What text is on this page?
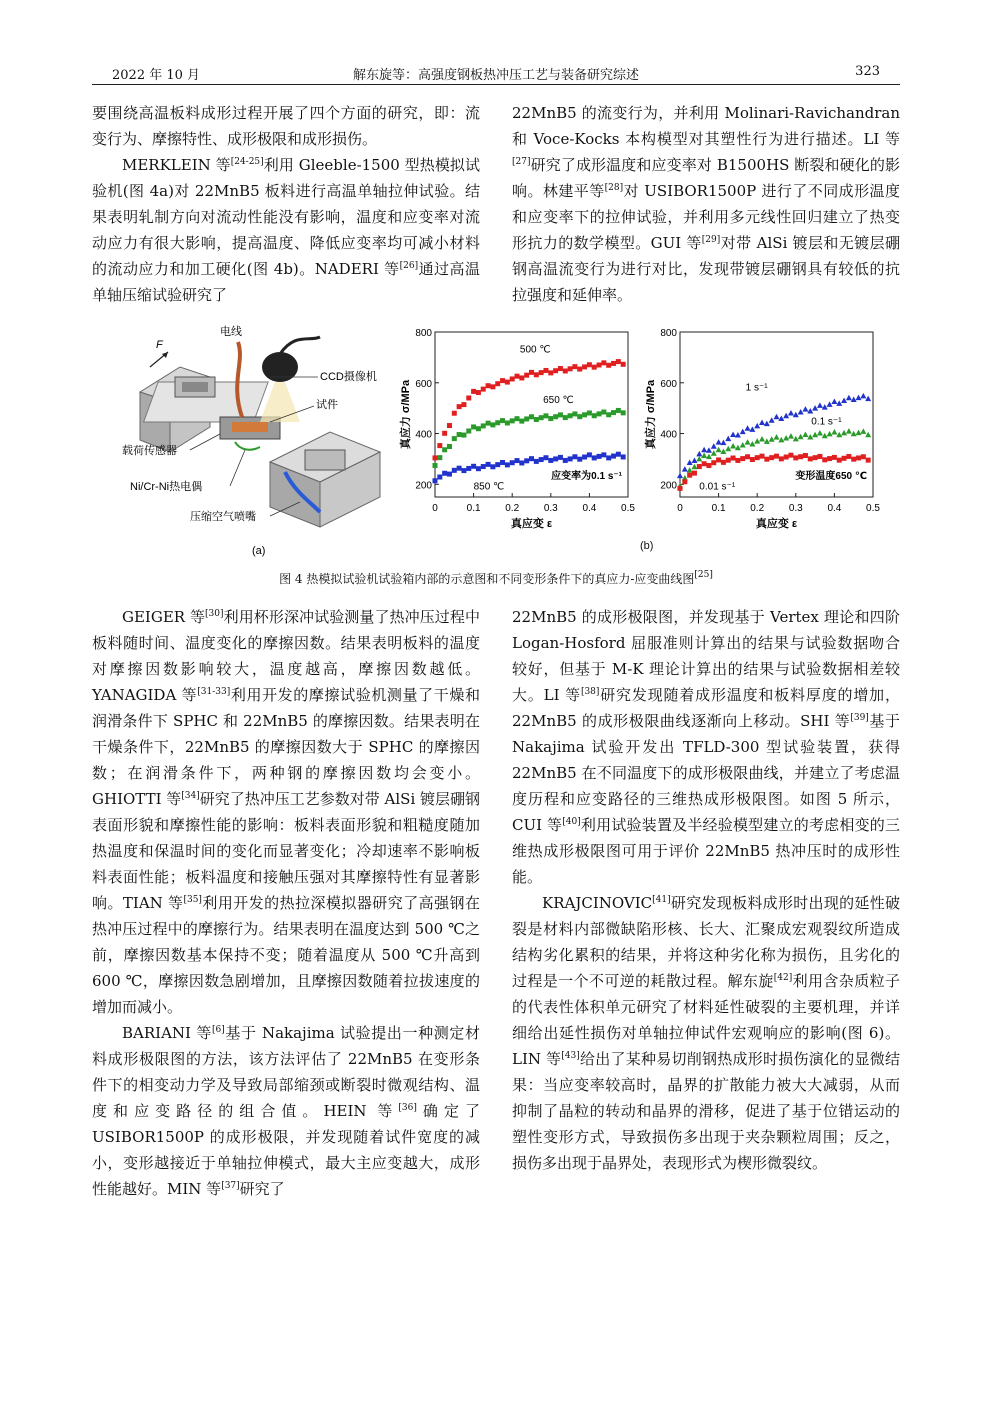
2022 年 10 月	解东旋等：高强度钢板热冲压工艺与装备研究综述	323

要围绕高温板料成形过程开展了四个方面的研究，即：流变行为、摩擦特性、成形极限和成形损伤。

MERKLEIN 等[24-25]利用 Gleeble-1500 型热模拟试验机(图 4a)对 22MnB5 板料进行高温单轴拉伸试验。结果表明轧制方向对流动性能没有影响，温度和应变率对流动应力有很大影响，提高温度、降低应变率均可减小材料的流动应力和加工硬化(图 4b)。NADERI 等[26]通过高温单轴压缩试验研究了

22MnB5 的流变行为，并利用 Molinari-Ravichandran 和 Voce-Kocks 本构模型对其塑性行为进行描述。LI 等[27]研究了成形温度和应变率对 B1500HS 断裂和硬化的影响。林建平等[28]对 USIBOR1500P 进行了不同成形温度和应变率下的拉伸试验，并利用多元线性回归建立了热变形抗力的数学模型。GUI 等[29]对带 AlSi 镀层和无镀层硼钢高温流变行为进行对比，发现带镀层硼钢具有较低的抗拉强度和延伸率。

F
电线
CCD摄像机
试件
载荷传感器
Ni/Cr-Ni热电偶
压缩空气喷嘴
(a)
0	0.1 0.2 0.3 0.4 0.5
200
400
600
800
真应变 ε
真应力 σ/MPa
应变率为0.1 s⁻¹
500 ℃
650 ℃
850 ℃
0	0.1 0.2 0.3 0.4 0.5
200
400
600
800
真应变 ε
真应力 σ/MPa
变形温度650 ℃
1 s⁻¹
0.1 s⁻¹
0.01 s⁻¹
(b)
图 4 热模拟试验机试验箱内部的示意图和不同变形条件下的真应力-应变曲线图[25]

GEIGER 等[30]利用杯形深冲试验测量了热冲压过程中板料随时间、温度变化的摩擦因数。结果表明板料的温度对摩擦因数影响较大，温度越高，摩擦因数越低。YANAGIDA 等[31-33]利用开发的摩擦试验机测量了干燥和润滑条件下 SPHC 和 22MnB5 的摩擦因数。结果表明在干燥条件下，22MnB5 的摩擦因数大于 SPHC 的摩擦因数；在润滑条件下，两种钢的摩擦因数均会变小。GHIOTTI 等[34]研究了热冲压工艺参数对带 AlSi 镀层硼钢表面形貌和摩擦性能的影响：板料表面形貌和粗糙度随加热温度和保温时间的变化而显著变化；冷却速率不影响板料表面性能；板料温度和接触压强对其摩擦特性有显著影响。TIAN 等[35]利用开发的热拉深模拟器研究了高强钢在热冲压过程中的摩擦行为。结果表明在温度达到 500 ℃之前，摩擦因数基本保持不变；随着温度从 500 ℃升高到 600 ℃，摩擦因数急剧增加，且摩擦因数随着拉拔速度的增加而减小。

BARIANI 等[6]基于 Nakajima 试验提出一种测定材料成形极限图的方法，该方法评估了 22MnB5 在变形条件下的相变动力学及导致局部缩颈或断裂时微观结构、温度和应变路径的组合值。HEIN 等[36]确定了 USIBOR1500P 的成形极限，并发现随着试件宽度的减小，变形越接近于单轴拉伸模式，最大主应变越大，成形性能越好。MIN 等[37]研究了

22MnB5 的成形极限图，并发现基于 Vertex 理论和四阶 Logan-Hosford 屈服准则计算出的结果与试验数据吻合较好，但基于 M-K 理论计算出的结果与试验数据相差较大。LI 等[38]研究发现随着成形温度和板料厚度的增加，22MnB5 的成形极限曲线逐渐向上移动。SHI 等[39]基于 Nakajima 试验开发出 TFLD-300 型试验装置，获得 22MnB5 在不同温度下的成形极限曲线，并建立了考虑温度历程和应变路径的三维热成形极限图。如图 5 所示，CUI 等[40]利用试验装置及半经验模型建立的考虑相变的三维热成形极限图可用于评价 22MnB5 热冲压时的成形性能。

KRAJCINOVIC[41]研究发现板料成形时出现的延性破裂是材料内部微缺陷形核、长大、汇聚成宏观裂纹所造成结构劣化累积的结果，并将这种劣化称为损伤，且劣化的过程是一个不可逆的耗散过程。解东旋[42]利用含杂质粒子的代表性体积单元研究了材料延性破裂的主要机理，并详细给出延性损伤对单轴拉伸试件宏观响应的影响(图 6)。LIN 等[43]给出了某种易切削钢热成形时损伤演化的显微结果：当应变率较高时，晶界的扩散能力被大大减弱，从而抑制了晶粒的转动和晶界的滑移，促进了基于位错运动的塑性变形方式，导致损伤多出现于夹杂颗粒周围；反之，损伤多出现于晶界处，表现形式为楔形微裂纹。
